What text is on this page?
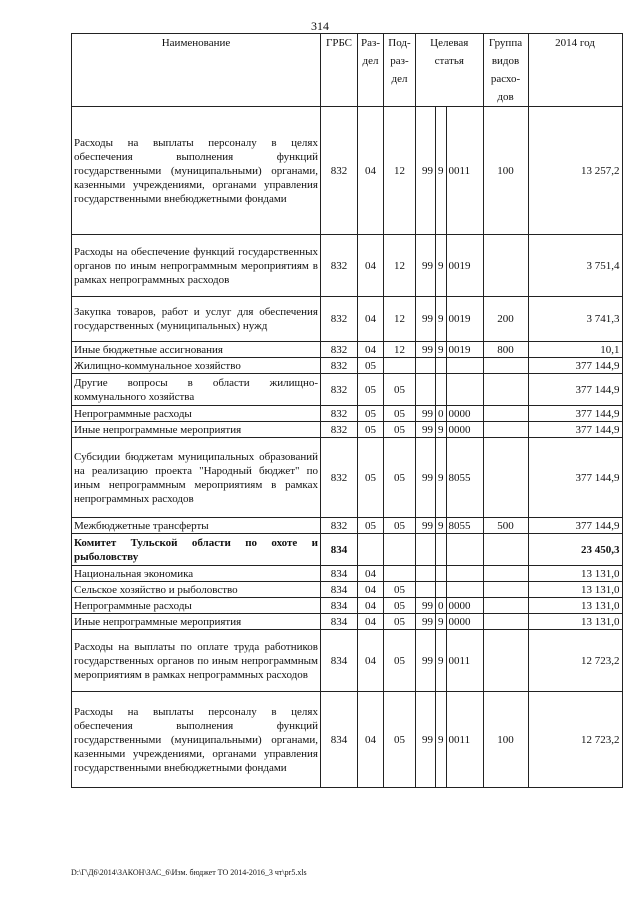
314
Наименование	ГРБС	Раз-дел	Под-раз-дел	Целевая статья			Группа видов расхо-дов	2014 год
Расходы на выплаты персоналу в целях обеспечения выполнения функций государственными (муниципальными) органами, казенными учреждениями, органами управления государственными внебюджетными фондами	832	04	12	99	9	0011	100	13 257,2
Расходы на обеспечение функций государственных органов по иным непрограммным мероприятиям в рамках непрограммных расходов	832	04	12	99	9	0019		3 751,4
Закупка товаров, работ и услуг для обеспечения государственных (муниципальных) нужд	832	04	12	99	9	0019	200	3 741,3
Иные бюджетные ассигнования	832	04	12	99	9	0019	800	10,1
Жилищно-коммунальное хозяйство	832	05						377 144,9
Другие вопросы в области жилищно-коммунального хозяйства	832	05	05					377 144,9
Непрограммные расходы	832	05	05	99	0	0000		377 144,9
Иные непрограммные мероприятия	832	05	05	99	9	0000		377 144,9
Субсидии бюджетам муниципальных образований на реализацию проекта "Народный бюджет" по иным непрограммным мероприятиям в рамках непрограммных расходов	832	05	05	99	9	8055		377 144,9
Межбюджетные трансферты	832	05	05	99	9	8055	500	377 144,9
Комитет Тульской области по охоте и рыболовству	834							23 450,3
Национальная экономика	834	04						13 131,0
Сельское хозяйство и рыболовство	834	04	05					13 131,0
Непрограммные расходы	834	04	05	99	0	0000		13 131,0
Иные непрограммные мероприятия	834	04	05	99	9	0000		13 131,0
Расходы на выплаты по оплате труда работников государственных органов по иным непрограммным мероприятиям в рамках непрограммных расходов	834	04	05	99	9	0011		12 723,2
Расходы на выплаты персоналу в целях обеспечения выполнения функций государственными (муниципальными) органами, казенными учреждениями, органами управления государственными внебюджетными фондами	834	04	05	99	9	0011	100	12 723,2
D:\Г\Д6\2014\ЗАКОН\ЗАС_6\Изм. бюджет ТО 2014-2016_3 чт\pr5.xls
